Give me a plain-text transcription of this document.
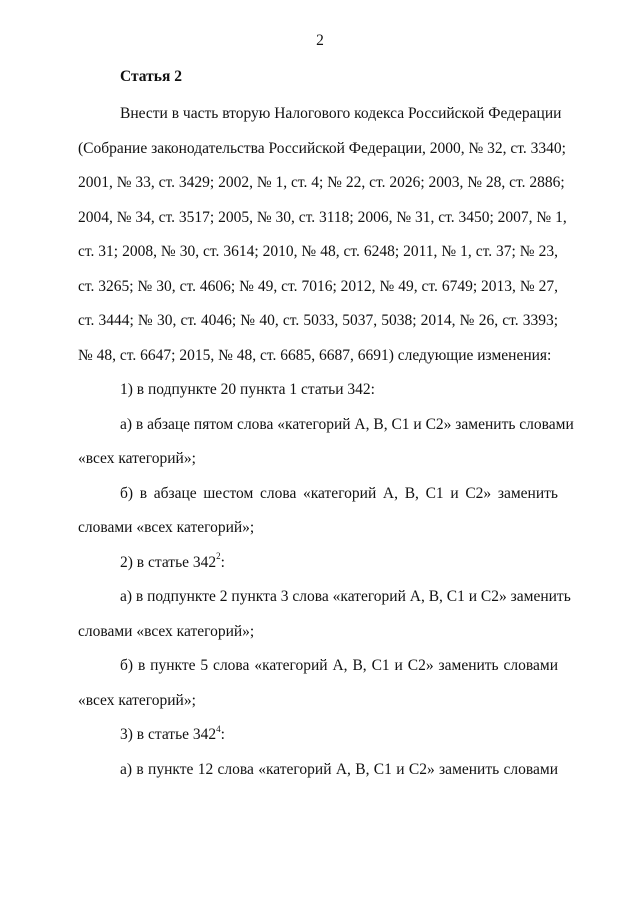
2
Статья 2
Внести в часть вторую Налогового кодекса Российской Федерации
(Собрание законодательства Российской Федерации, 2000, № 32, ст. 3340;
2001, № 33, ст. 3429; 2002, № 1, ст. 4; № 22, ст. 2026; 2003, № 28, ст. 2886;
2004, № 34, ст. 3517; 2005, № 30, ст. 3118; 2006, № 31, ст. 3450; 2007, № 1,
ст. 31; 2008, № 30, ст. 3614; 2010, № 48, ст. 6248; 2011, № 1, ст. 37; № 23,
ст. 3265; № 30, ст. 4606; № 49, ст. 7016; 2012, № 49, ст. 6749; 2013, № 27,
ст. 3444; № 30, ст. 4046; № 40, ст. 5033, 5037, 5038; 2014, № 26, ст. 3393;
№ 48, ст. 6647; 2015, № 48, ст. 6685, 6687, 6691) следующие изменения:
1) в подпункте 20 пункта 1 статьи 342:
а) в абзаце пятом слова «категорий A, B, C1 и C2» заменить словами
«всех категорий»;
б) в абзаце шестом слова «категорий A, B, C1 и C2» заменить
словами «всех категорий»;
2) в статье $342^2$:
а) в подпункте 2 пункта 3 слова «категорий A, B, C1 и C2» заменить
словами «всех категорий»;
б) в пункте 5 слова «категорий A, B, C1 и C2» заменить словами
«всех категорий»;
3) в статье $342^4$:
а) в пункте 12 слова «категорий A, B, C1 и C2» заменить словами
